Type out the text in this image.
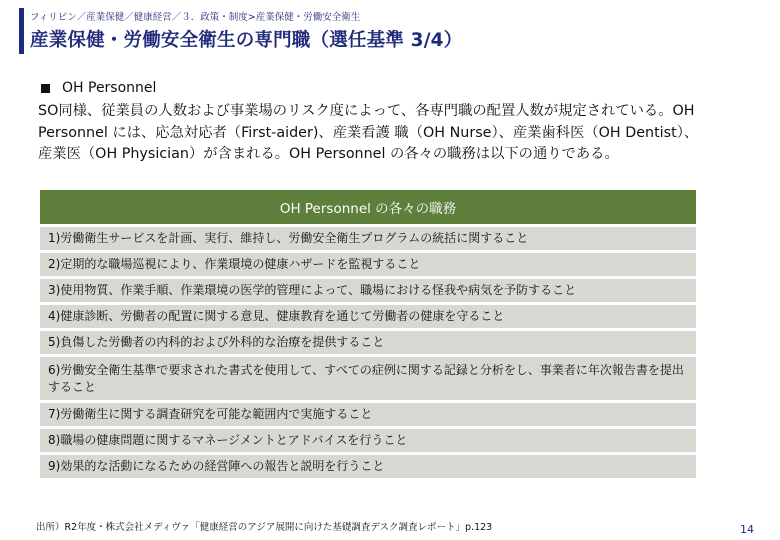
フィリピン／産業保健／健康経営／３．政策・制度>産業保健・労働安全衛生
産業保健・労働安全衛生の専門職（選任基準 3/4）
OH Personnel
SO同様、従業員の人数および事業場のリスク度によって、各専門職の配置人数が規定されている。OH Personnel には、応急対応者（First-aider)、産業看護 職（OH Nurse）、産業歯科医（OH Dentist）、産業医（OH Physician）が含まれる。OH Personnel の各々の職務は以下の通りである。
OH Personnel の各々の職務
1)労働衛生サービスを計画、実行、維持し、労働安全衛生プログラムの統括に関すること
2)定期的な職場巡視により、作業環境の健康ハザードを監視すること
3)使用物質、作業手順、作業環境の医学的管理によって、職場における怪我や病気を予防すること
4)健康診断、労働者の配置に関する意見、健康教育を通じて労働者の健康を守ること
5)負傷した労働者の内科的および外科的な治療を提供すること
6)労働安全衛生基準で要求された書式を使用して、すべての症例に関する記録と分析をし、事業者に年次報告書を提出すること
7)労働衛生に関する調査研究を可能な範囲内で実施すること
8)職場の健康問題に関するマネージメントとアドバイスを行うこと
9)効果的な活動になるための経営陣への報告と説明を行うこと
出所）R2年度・株式会社メディヴァ「健康経営のアジア展開に向けた基礎調査デスク調査レポート」p.123	14
